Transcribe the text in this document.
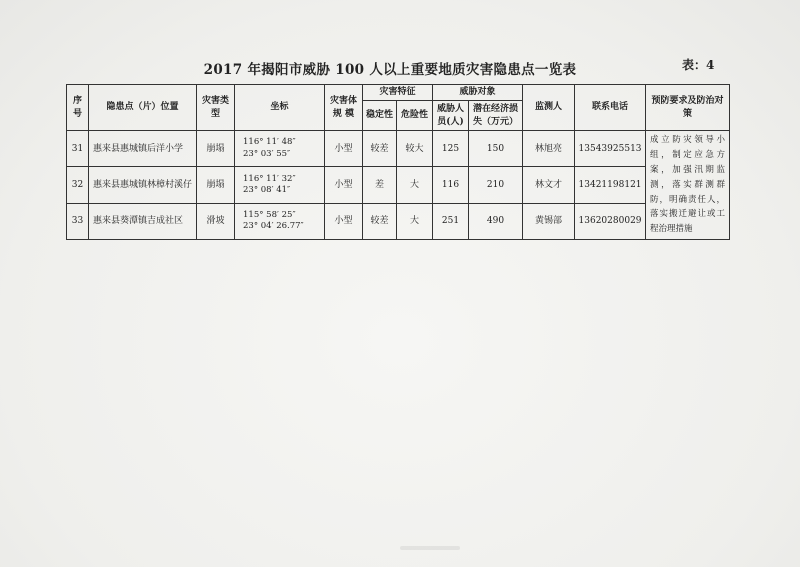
2017 年揭阳市威胁 100 人以上重要地质灾害隐患点一览表	表：4
序号	隐患点（片）位置	灾害类型	坐标	灾害体规 模	灾害特征		威胁对象		监测人	联系电话	预防要求及防治对策
					稳定性	危险性	威胁人员(人)	潜在经济损 失（万元）			
31	惠来县惠城镇后洋小学	崩塌	116° 11′ 48″
23° 03′ 55″	小型	较差	较大	125	150	林旭亮	13543925513	成立防灾领导小组，制定应急方案，加强汛期监测，落实群测群防，明确责任人，落实搬迁避让或工程治理措施
32	惠来县惠城镇林樟村溪仔	崩塌	116° 11′ 32″
23° 08′ 41″	小型	差	大	116	210	林文才	13421198121	
33	惠来县葵潭镇吉成社区	滑坡	115° 58′ 25″
23° 04′ 26.77″	小型	较差	大	251	490	黄锡部	13620280029	
